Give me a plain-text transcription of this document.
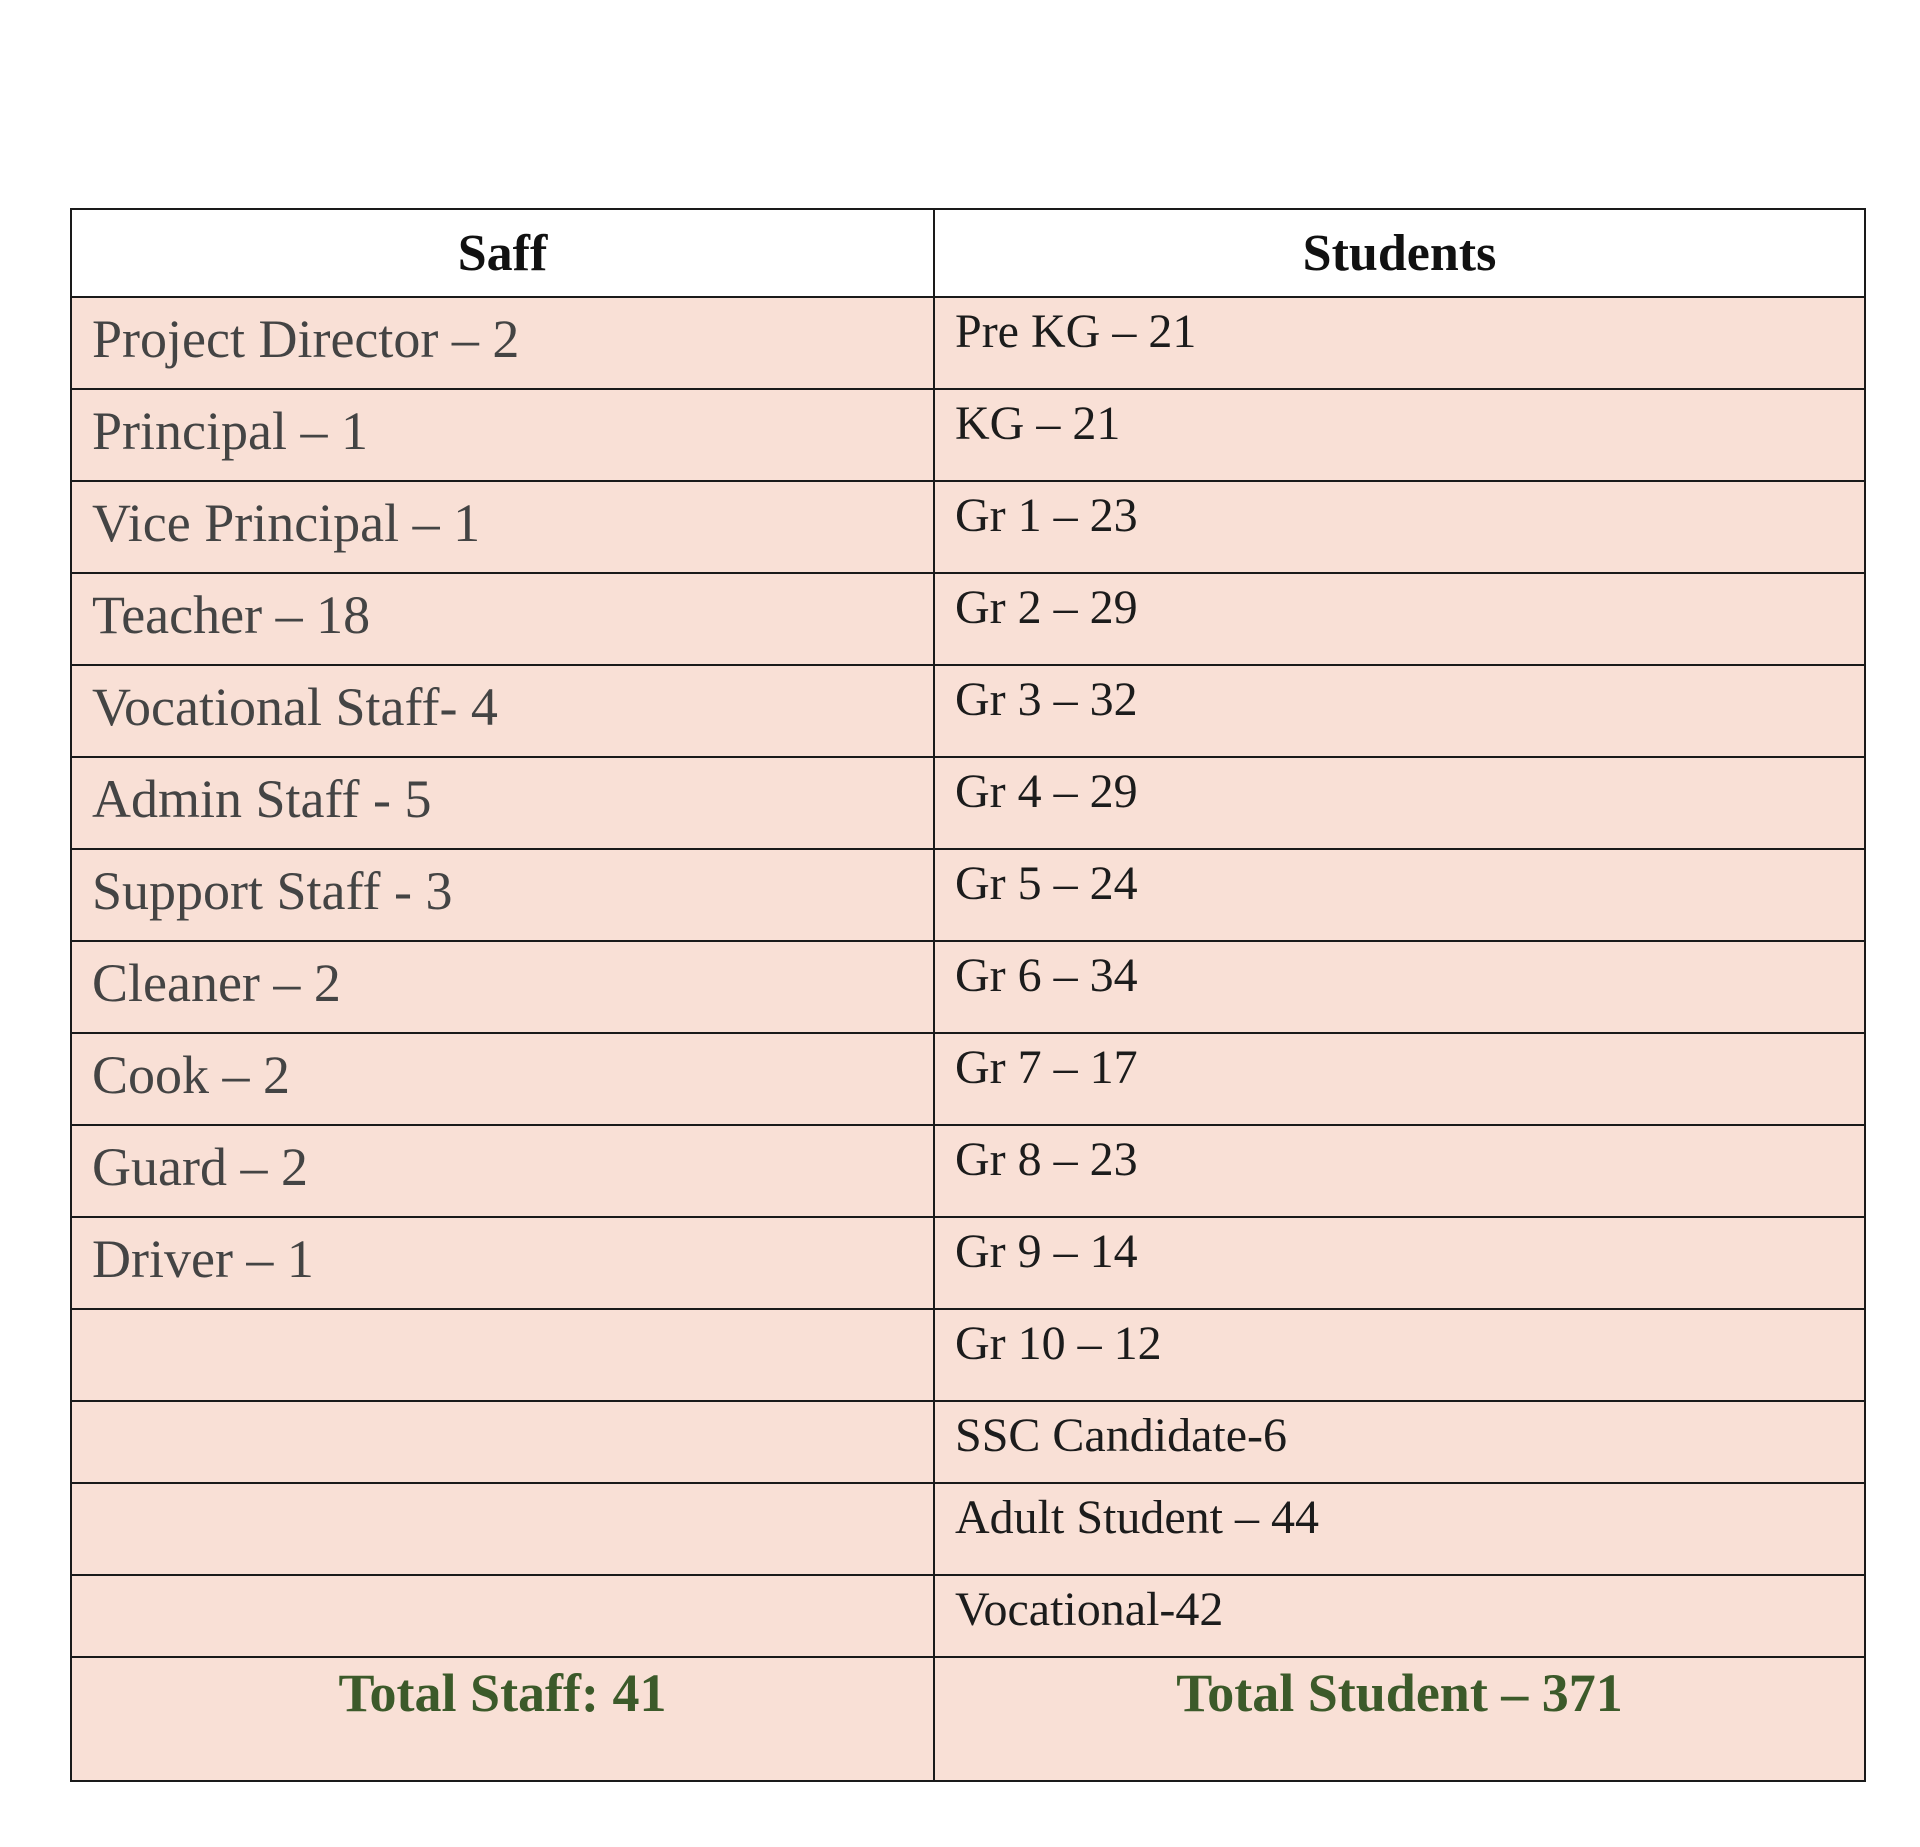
Saff	Students
Project Director – 2	Pre KG – 21
Principal – 1	KG – 21
Vice Principal – 1	Gr 1 – 23
Teacher – 18	Gr 2 – 29
Vocational Staff- 4	Gr 3 – 32
Admin Staff - 5	Gr 4 – 29
Support Staff - 3	Gr 5 – 24
Cleaner – 2	Gr 6 – 34
Cook – 2	Gr 7 – 17
Guard – 2	Gr 8 – 23
Driver – 1	Gr 9 – 14
	Gr 10 – 12
	SSC Candidate-6
	Adult Student – 44
	Vocational-42
Total Staff: 41	Total Student – 371
